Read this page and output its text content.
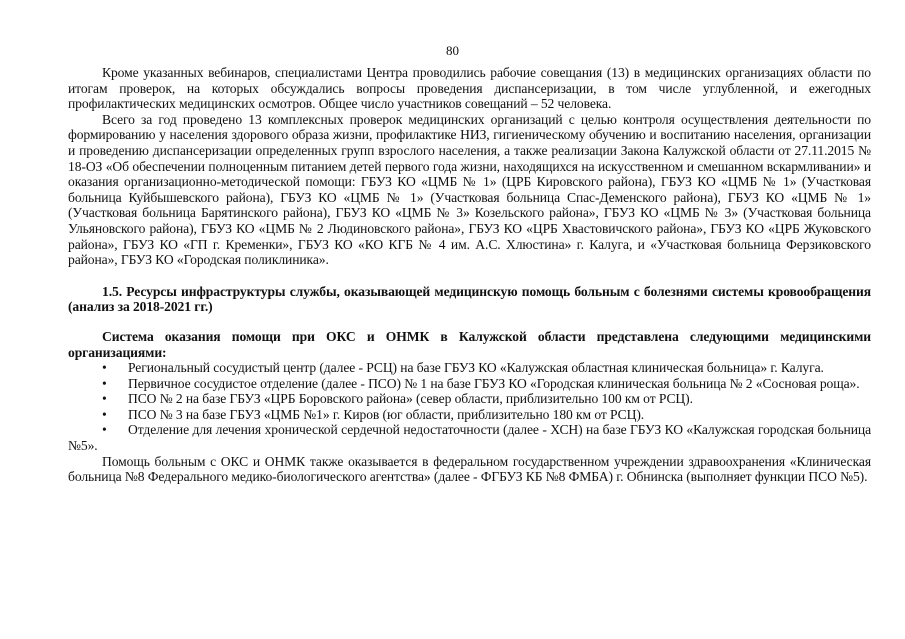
80

Кроме указанных вебинаров, специалистами Центра проводились рабочие совещания (13) в медицинских организациях области по итогам проверок, на которых обсуждались вопросы проведения диспансеризации, в том числе углубленной, и ежегодных профилактических медицинских осмотров. Общее число участников совещаний – 52 человека.

Всего за год проведено 13 комплексных проверок медицинских организаций с целью контроля осуществления деятельности по формированию у населения здорового образа жизни, профилактике НИЗ, гигиеническому обучению и воспитанию населения, организации и проведению диспансеризации определенных групп взрослого населения, а также реализации Закона Калужской области от 27.11.2015 № 18-ОЗ «Об обеспечении полноценным питанием детей первого года жизни, находящихся на искусственном и смешанном вскармливании» и оказания организационно-методической помощи: ГБУЗ КО «ЦМБ № 1» (ЦРБ Кировского района), ГБУЗ КО «ЦМБ № 1» (Участковая больница Куйбышевского района), ГБУЗ КО «ЦМБ № 1» (Участковая больница Спас-Деменского района), ГБУЗ КО «ЦМБ № 1» (Участковая больница Барятинского района), ГБУЗ КО «ЦМБ № 3» Козельского района», ГБУЗ КО «ЦМБ № 3» (Участковая больница Ульяновского района), ГБУЗ КО «ЦМБ № 2 Людиновского района», ГБУЗ КО «ЦРБ Хвастовичского района», ГБУЗ КО «ЦРБ Жуковского района», ГБУЗ КО «ГП г. Кременки», ГБУЗ КО «КО КГБ № 4 им. А.С. Хлюстина» г. Калуга, и «Участковая больница Ферзиковского района», ГБУЗ КО «Городская поликлиника».

1.5. Ресурсы инфраструктуры службы, оказывающей медицинскую помощь больным с болезнями системы кровообращения (анализ за 2018-2021 гг.)

Система оказания помощи при ОКС и ОНМК в Калужской области представлена следующими медицинскими организациями:

• Региональный сосудистый центр (далее - РСЦ) на базе ГБУЗ КО «Калужская областная клиническая больница» г. Калуга.

• Первичное сосудистое отделение (далее - ПСО) № 1 на базе ГБУЗ КО «Городская клиническая больница № 2 «Сосновая роща».

• ПСО № 2 на базе ГБУЗ «ЦРБ Боровского района» (север области, приблизительно 100 км от РСЦ).

• ПСО № 3 на базе ГБУЗ «ЦМБ №1» г. Киров (юг области, приблизительно 180 км от РСЦ).

• Отделение для лечения хронической сердечной недостаточности (далее - ХСН) на базе ГБУЗ КО «Калужская городская больница №5».

Помощь больным с ОКС и ОНМК также оказывается в федеральном государственном учреждении здравоохранения «Клиническая больница №8 Федерального медико-биологического агентства» (далее - ФГБУЗ КБ №8 ФМБА) г. Обнинска (выполняет функции ПСО №5).
